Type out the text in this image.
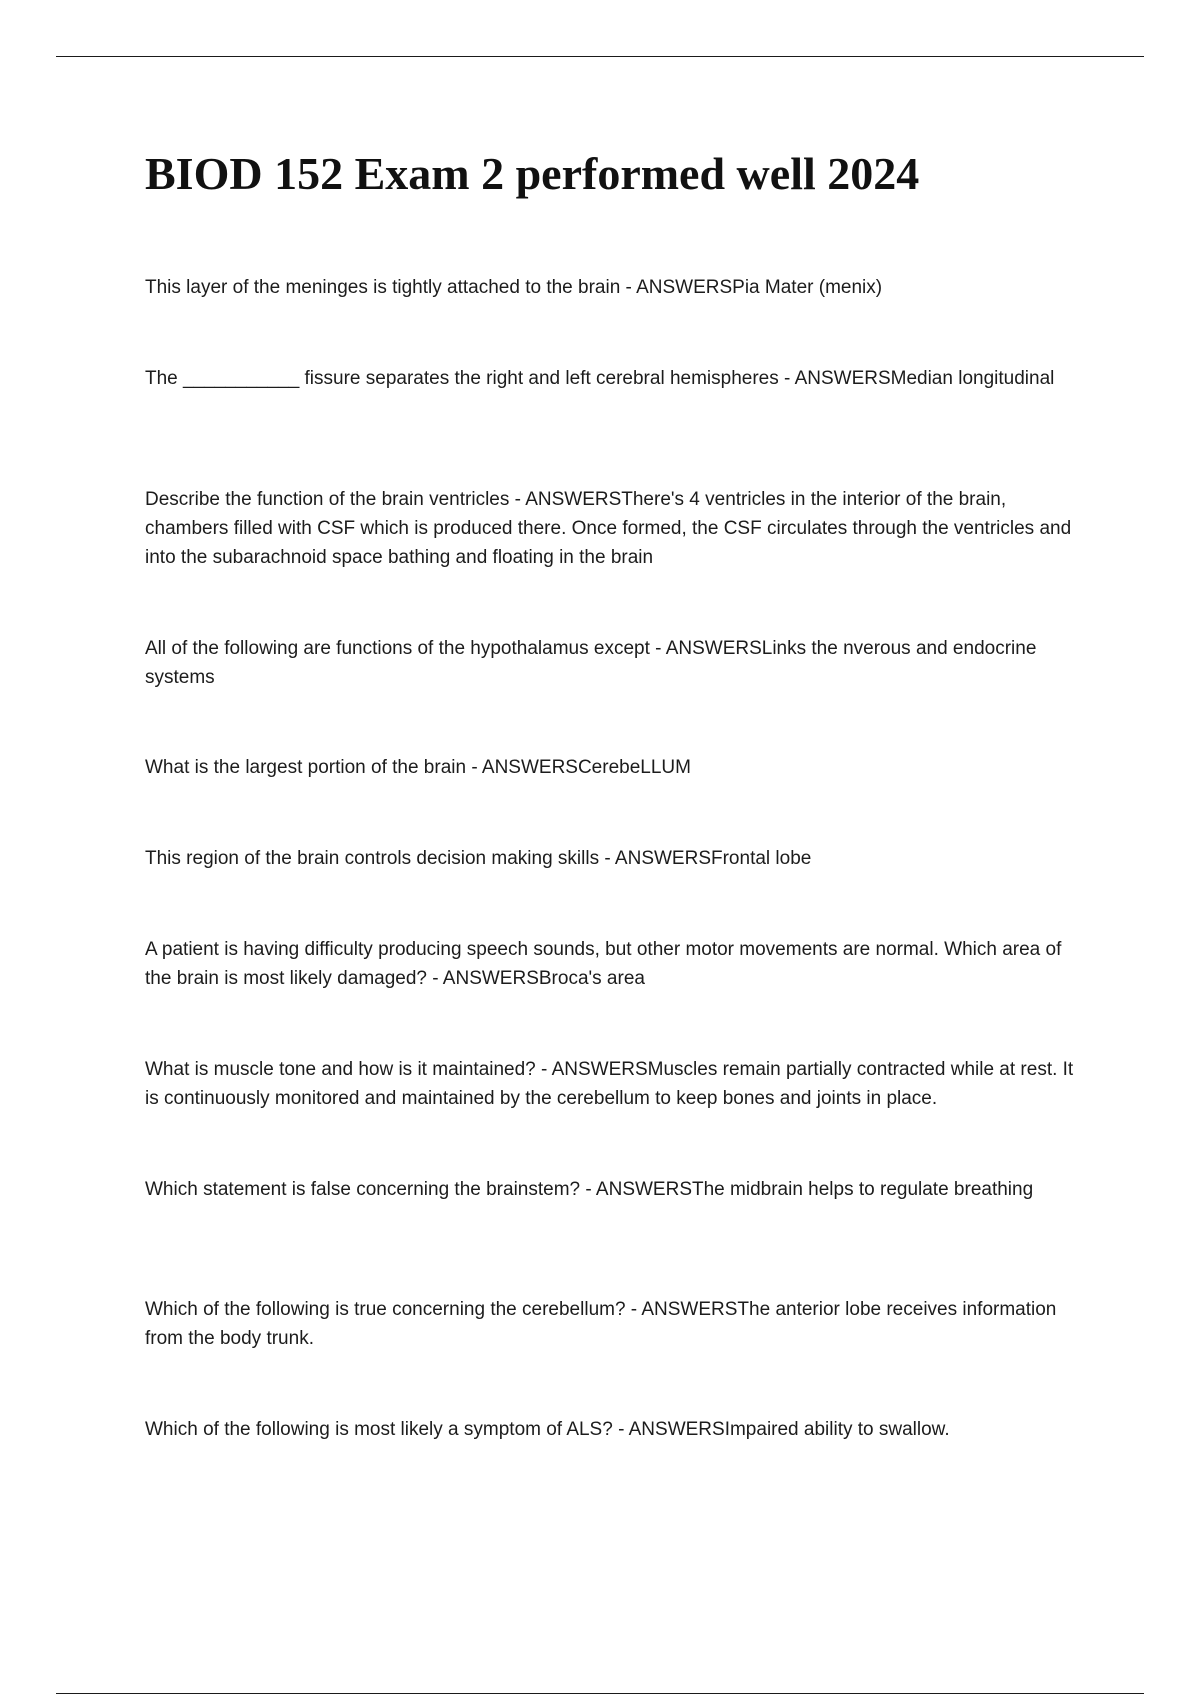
BIOD 152 Exam 2 performed well 2024

This layer of the meninges is tightly attached to the brain - ANSWERSPia Mater (menix)

The ___________ fissure separates the right and left cerebral hemispheres - ANSWERSMedian longitudinal

Describe the function of the brain ventricles - ANSWERSThere's 4 ventricles in the interior of the brain, chambers filled with CSF which is produced there. Once formed, the CSF circulates through the ventricles and into the subarachnoid space bathing and floating in the brain

All of the following are functions of the hypothalamus except - ANSWERSLinks the nverous and endocrine systems

What is the largest portion of the brain - ANSWERSCerebeLLUM

This region of the brain controls decision making skills - ANSWERSFrontal lobe

A patient is having difficulty producing speech sounds, but other motor movements are normal. Which area of the brain is most likely damaged? - ANSWERSBroca's area

What is muscle tone and how is it maintained? - ANSWERSMuscles remain partially contracted while at rest. It is continuously monitored and maintained by the cerebellum to keep bones and joints in place.

Which statement is false concerning the brainstem? - ANSWERSThe midbrain helps to regulate breathing

Which of the following is true concerning the cerebellum? - ANSWERSThe anterior lobe receives information from the body trunk.

Which of the following is most likely a symptom of ALS? - ANSWERSImpaired ability to swallow.
